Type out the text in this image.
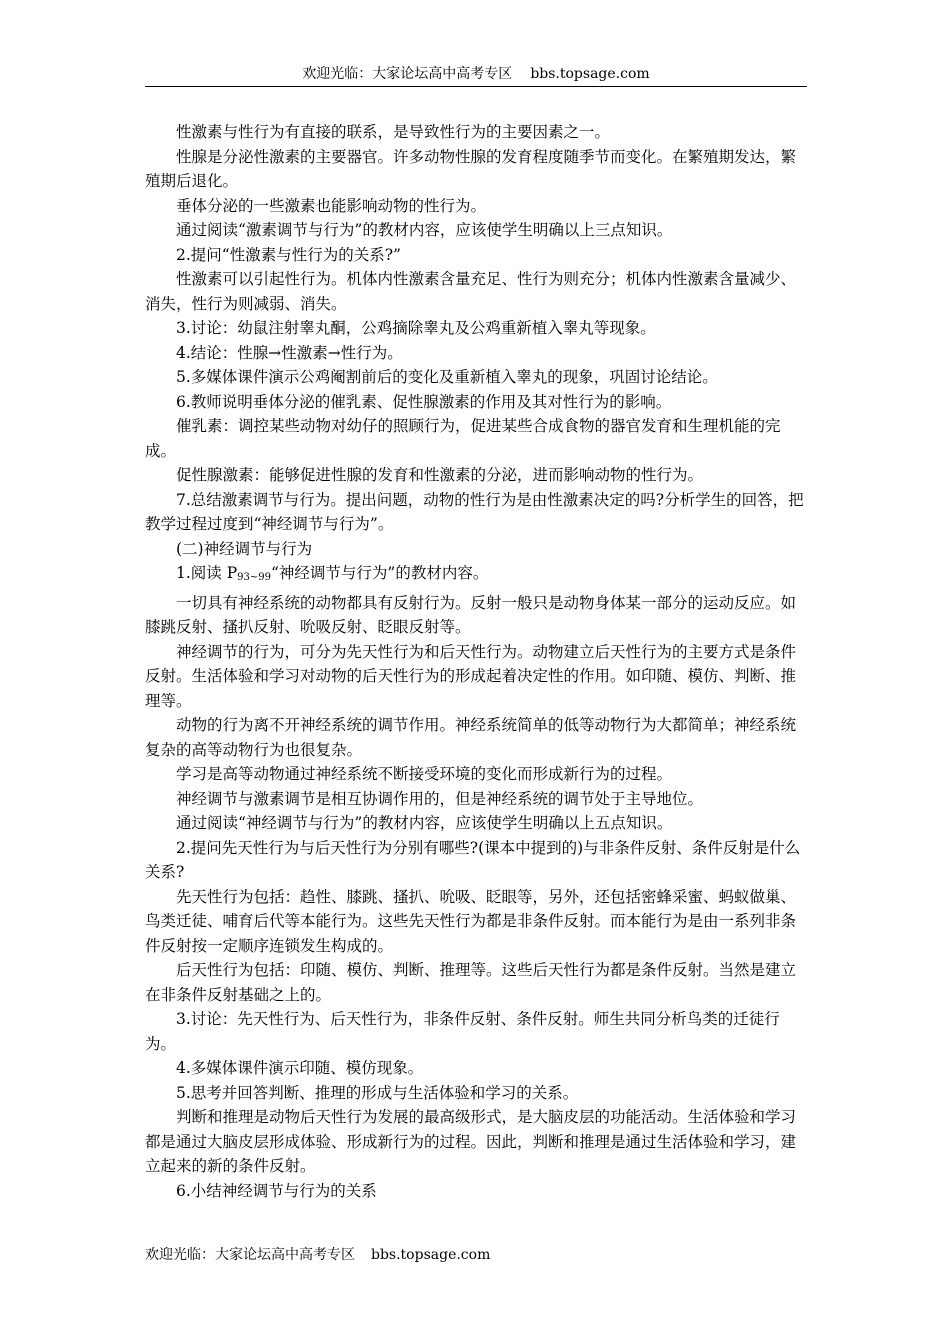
欢迎光临：大家论坛高中高考专区 bbs.topsage.com

性激素与性行为有直接的联系，是导致性行为的主要因素之一。

性腺是分泌性激素的主要器官。许多动物性腺的发育程度随季节而变化。在繁殖期发达，繁殖期后退化。

垂体分泌的一些激素也能影响动物的性行为。

通过阅读“激素调节与行为”的教材内容，应该使学生明确以上三点知识。

2.提问“性激素与性行为的关系?”

性激素可以引起性行为。机体内性激素含量充足、性行为则充分；机体内性激素含量减少、消失，性行为则减弱、消失。

3.讨论：幼鼠注射睾丸酮，公鸡摘除睾丸及公鸡重新植入睾丸等现象。

4.结论：性腺→性激素→性行为。

5.多媒体课件演示公鸡阉割前后的变化及重新植入睾丸的现象，巩固讨论结论。

6.教师说明垂体分泌的催乳素、促性腺激素的作用及其对性行为的影响。

催乳素：调控某些动物对幼仔的照顾行为，促进某些合成食物的器官发育和生理机能的完成。

促性腺激素：能够促进性腺的发育和性激素的分泌，进而影响动物的性行为。

7.总结激素调节与行为。提出问题，动物的性行为是由性激素决定的吗?分析学生的回答，把教学过程过度到“神经调节与行为”。

(二)神经调节与行为

1.阅读 $P_{93\sim 99}“$神经调节与行为”的教材内容。

一切具有神经系统的动物都具有反射行为。反射一般只是动物身体某一部分的运动反应。如膝跳反射、搔扒反射、吮吸反射、眨眼反射等。

神经调节的行为，可分为先天性行为和后天性行为。动物建立后天性行为的主要方式是条件反射。生活体验和学习对动物的后天性行为的形成起着决定性的作用。如印随、模仿、判断、推理等。

动物的行为离不开神经系统的调节作用。神经系统简单的低等动物行为大都简单；神经系统复杂的高等动物行为也很复杂。

学习是高等动物通过神经系统不断接受环境的变化而形成新行为的过程。

神经调节与激素调节是相互协调作用的，但是神经系统的调节处于主导地位。

通过阅读“神经调节与行为”的教材内容，应该使学生明确以上五点知识。

2.提问先天性行为与后天性行为分别有哪些?(课本中提到的)与非条件反射、条件反射是什么关系?

先天性行为包括：趋性、膝跳、搔扒、吮吸、眨眼等，另外，还包括密蜂采蜜、蚂蚁做巢、鸟类迁徒、哺育后代等本能行为。这些先天性行为都是非条件反射。而本能行为是由一系列非条件反射按一定顺序连锁发生构成的。

后天性行为包括：印随、模仿、判断、推理等。这些后天性行为都是条件反射。当然是建立在非条件反射基础之上的。

3.讨论：先天性行为、后天性行为，非条件反射、条件反射。师生共同分析鸟类的迁徒行为。

4.多媒体课件演示印随、模仿现象。

5.思考并回答判断、推理的形成与生活体验和学习的关系。

判断和推理是动物后天性行为发展的最高级形式，是大脑皮层的功能活动。生活体验和学习都是通过大脑皮层形成体验、形成新行为的过程。因此，判断和推理是通过生活体验和学习，建立起来的新的条件反射。

6.小结神经调节与行为的关系

欢迎光临：大家论坛高中高考专区 bbs.topsage.com
